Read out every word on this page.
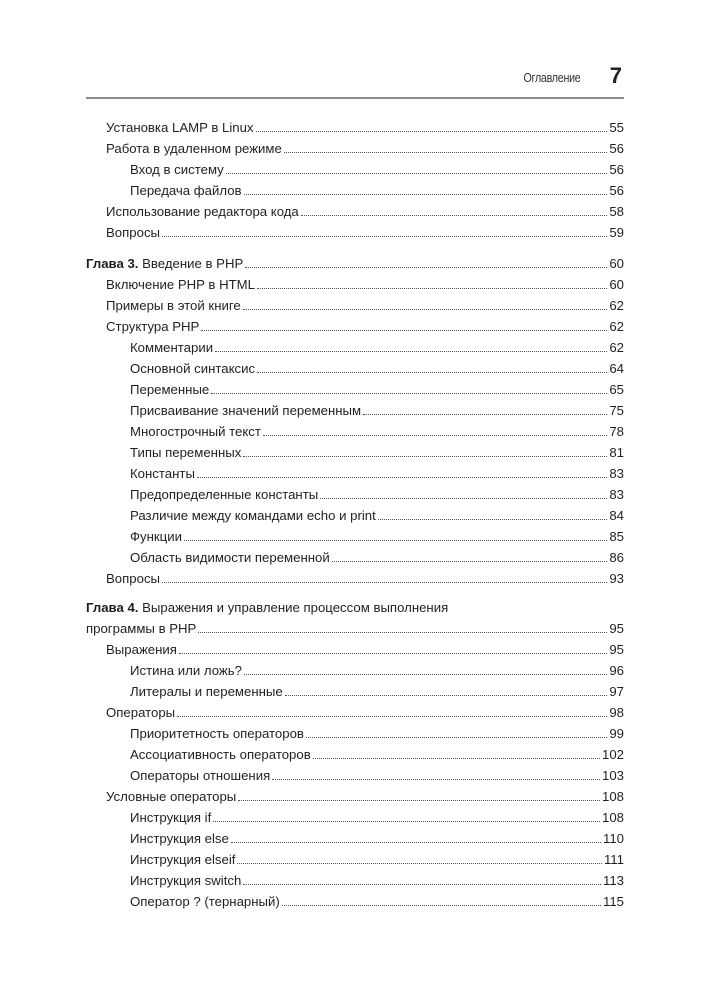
Оглавление 7
Установка LAMP в Linux	55
Работа в удаленном режиме	56
Вход в систему	56
Передача файлов	56
Использование редактора кода	58
Вопросы	59
Глава 3. Введение в PHP	60
Включение PHP в HTML	60
Примеры в этой книге	62
Структура PHP	62
Комментарии	62
Основной синтаксис	64
Переменные	65
Присваивание значений переменным	75
Многострочный текст	78
Типы переменных	81
Константы	83
Предопределенные константы	83
Различие между командами echo и print	84
Функции	85
Область видимости переменной	86
Вопросы	93
Глава 4. Выражения и управление процессом выполнения
программы в PHP	95
Выражения	95
Истина или ложь?	96
Литералы и переменные	97
Операторы	98
Приоритетность операторов	99
Ассоциативность операторов	102
Операторы отношения	103
Условные операторы	108
Инструкция if	108
Инструкция else	110
Инструкция elseif	111
Инструкция switch	113
Оператор ? (тернарный)	115
